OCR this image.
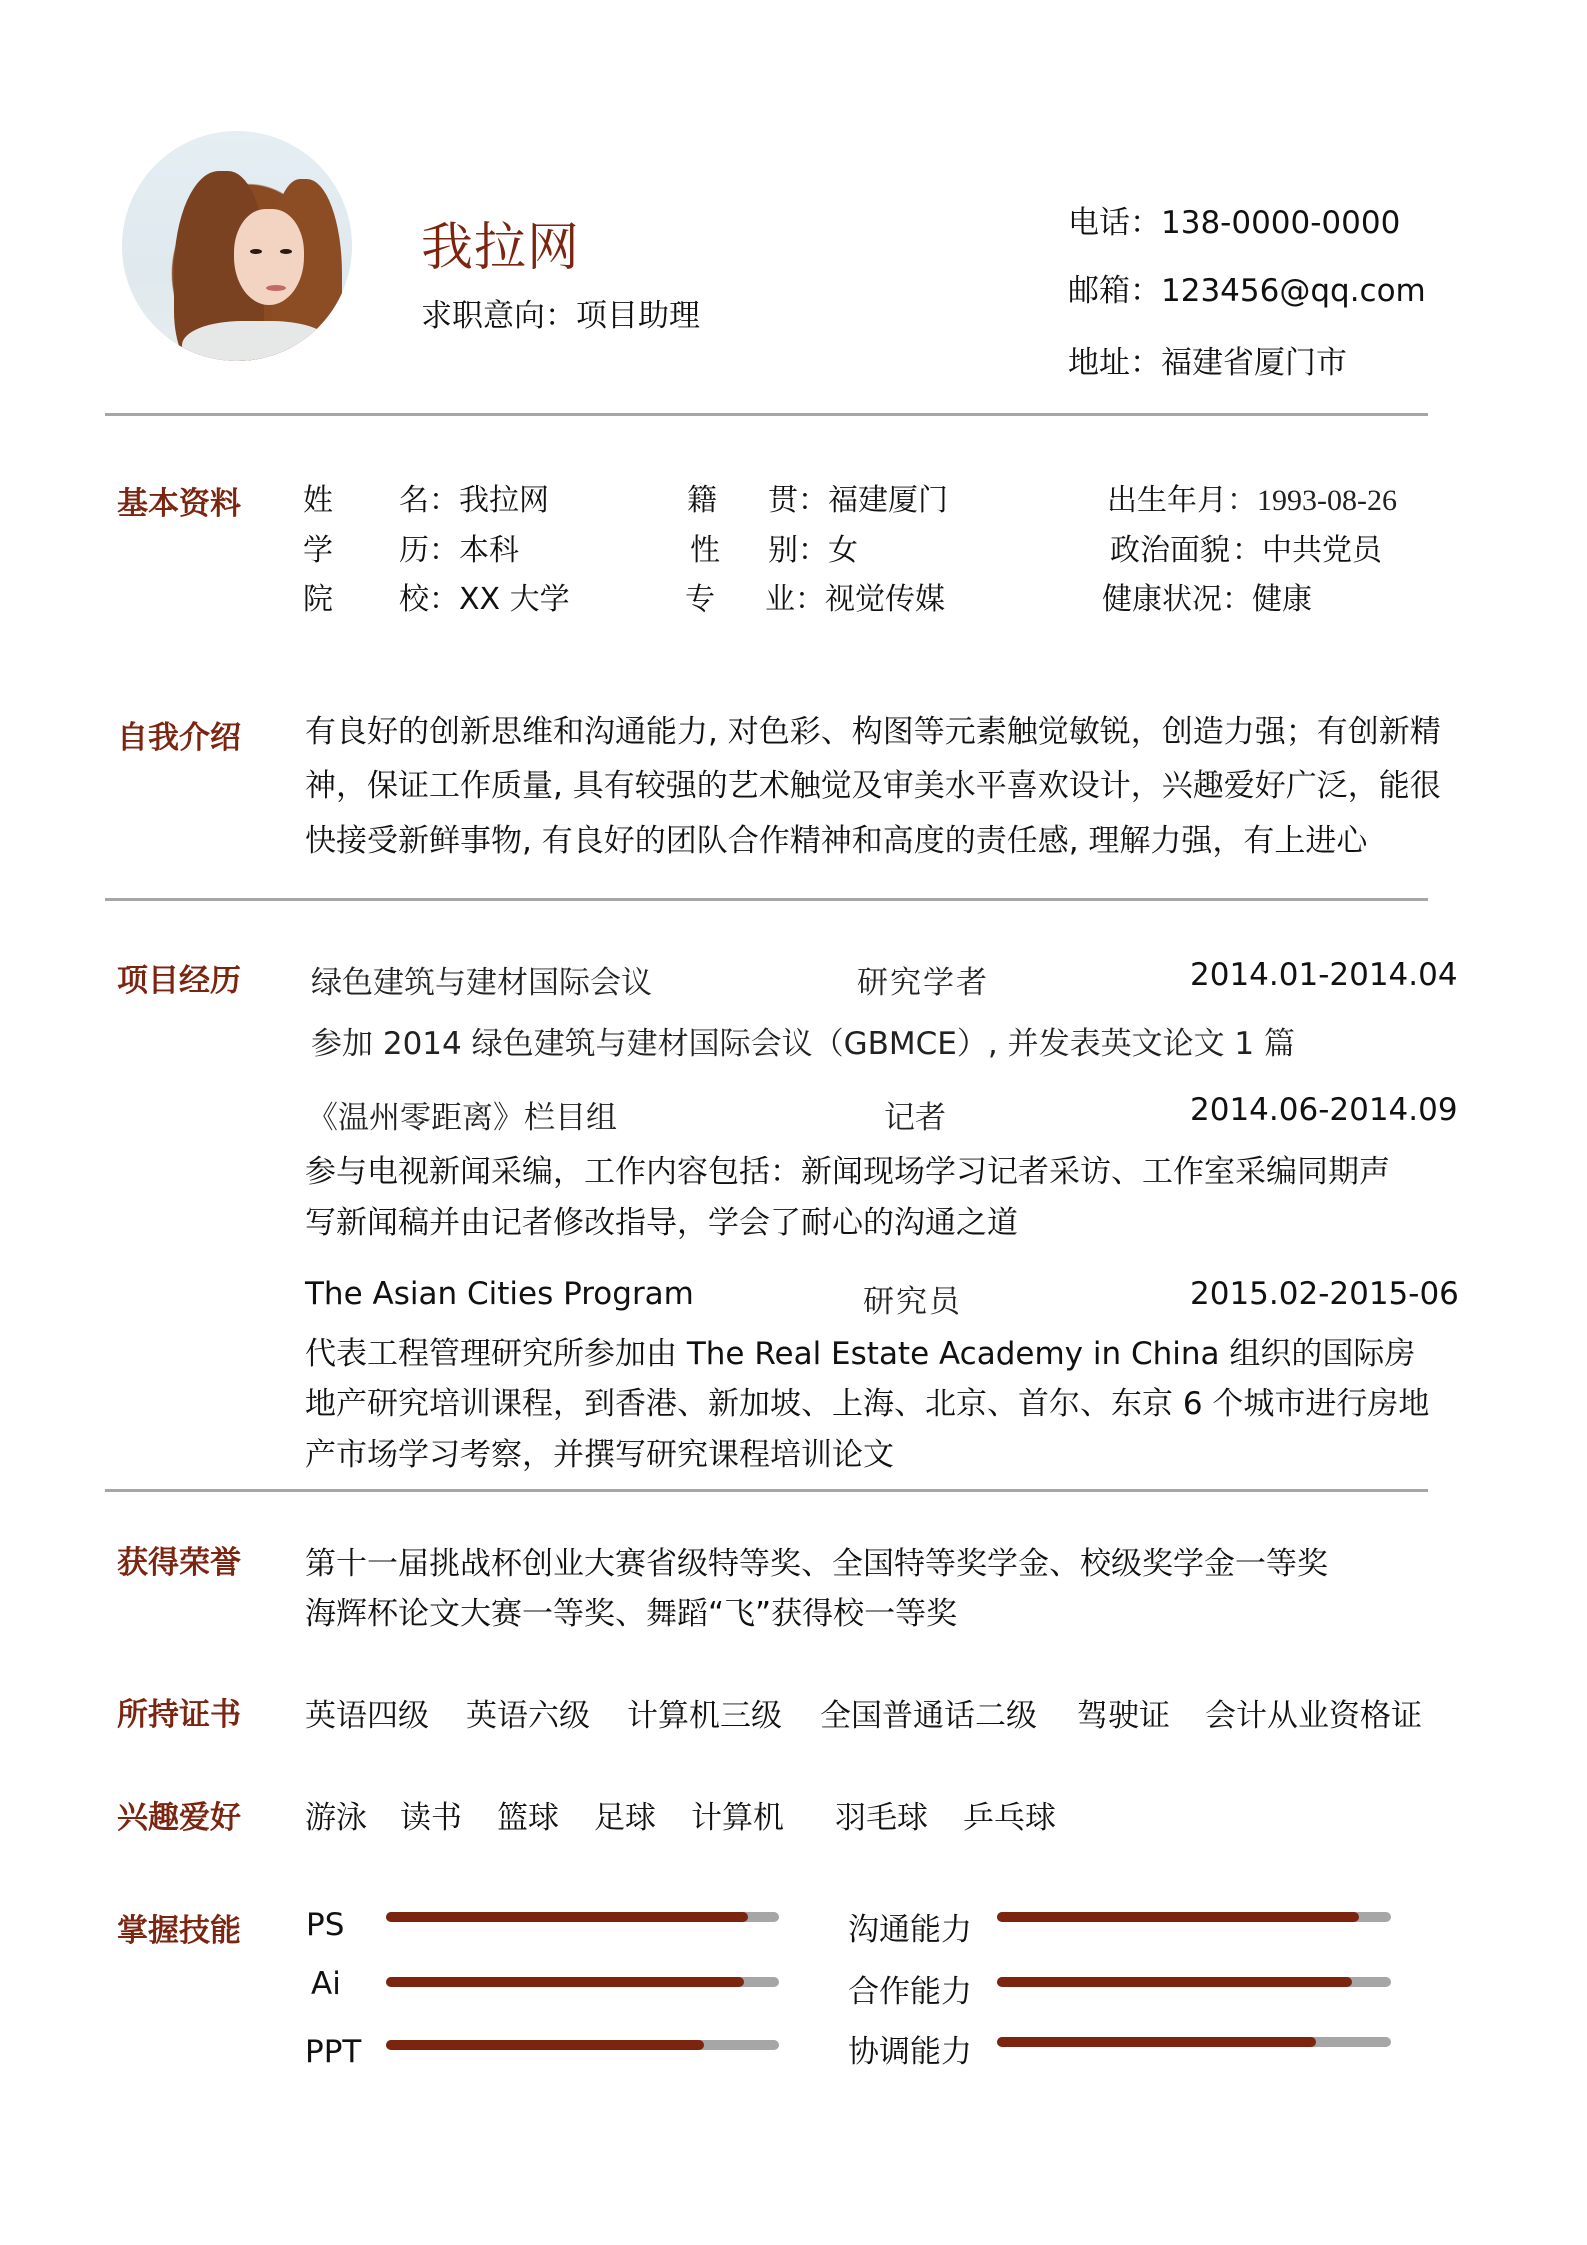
我拉网
求职意向：项目助理
电话：138-0000-0000
邮箱：123456@qq.com
地址：福建省厦门市
基本资料 姓 名 ：我拉网	籍 贯 ：福建厦门	出生年月 ：1993-08-26
学 历 ：本科	性 别 ：女	政治面貌 ：中共党员
院 校 ：XX 大学	专 业 ：视觉传媒	健康状况 ：健康
自我介绍 有良好的创新思维和沟通能力, 对色彩、构图等元素触觉敏锐，创造力强；有创新精
神，保证工作质量, 具有较强的艺术触觉及审美水平喜欢设计，兴趣爱好广泛，能很
快接受新鲜事物, 有良好的团队合作精神和高度的责任感, 理解力强，有上进心
项目经历 绿色建筑与建材国际会议	研究学者	2014.01-2014.04
参加 2014 绿色建筑与建材国际会议（GBMCE）, 并发表英文论文 1 篇
《温州零距离》栏目组	记者	2014.06-2014.09
参与电视新闻采编，工作内容包括：新闻现场学习记者采访、工作室采编同期声
写新闻稿并由记者修改指导，学会了耐心的沟通之道
The Asian Cities Program	研究员	2015.02-2015-06
代表工程管理研究所参加由 The Real Estate Academy in China 组织的国际房
地产研究培训课程，到香港、新加坡、上海、北京、首尔、东京 6 个城市进行房地
产市场学习考察，并撰写研究课程培训论文
获得荣誉 第十一届挑战杯创业大赛省级特等奖、全国特等奖学金、校级奖学金一等奖
海辉杯论文大赛一等奖、舞蹈“飞”获得校一等奖
所持证书 英语四级 英语六级 计算机三级 全国普通话二级 驾驶证 会计从业资格证
兴趣爱好 游泳 读书 篮球 足球 计算机 羽毛球 乒乓球
掌握技能 PS
Ai
PPT
沟通能力
合作能力
协调能力
